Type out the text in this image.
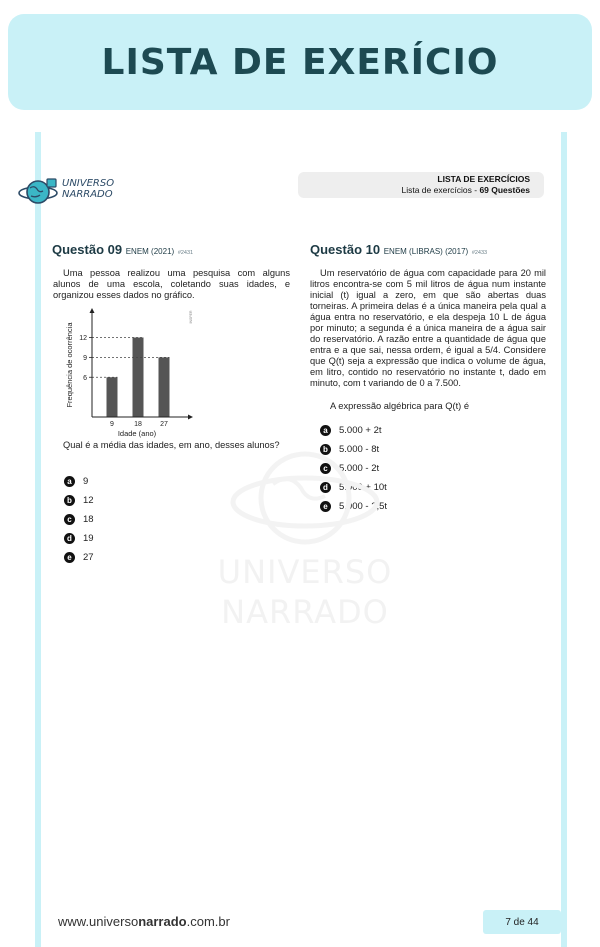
LISTA DE EXERÍCIO
UNIVERSO
NARRADO
LISTA DE EXERCÍCIOS
Lista de exercícios - 69 Questões
Questão 09 ENEM (2021) #2431
Uma pessoa realizou uma pesquisa com alguns alunos de uma escola, coletando suas idades, e organizou esses dados no gráfico.
9	18	27
6
9
12
Idade (ano)
Frequência de ocorrência
INSPER
Qual é a média das idades, em ano, desses alunos?
a	9
b	12
c	18
d	19
e	27
Questão 10 ENEM (LIBRAS) (2017) #2433
Um reservatório de água com capacidade para 20 mil litros encontra-se com 5 mil litros de água num instante inicial (t) igual a zero, em que são abertas duas torneiras. A primeira delas é a única maneira pela qual a água entra no reservatório, e ela despeja 10 L de água por minuto; a segunda é a única maneira de a água sair do reservatório. A razão entre a quantidade de água que entra e a que sai, nessa ordem, é igual a 5/4. Considere que Q(t) seja a expressão que indica o volume de água, em litro, contido no reservatório no instante t, dado em minuto, com t variando de 0 a 7.500.
A expressão algébrica para Q(t) é
a	5.000 + 2t
b	5.000 - 8t
c	5.000 - 2t
d	5.000 + 10t
e	5.000 - 2,5t
UNIVERSO
NARRADO
www.universonarrado.com.br	7 de 44
